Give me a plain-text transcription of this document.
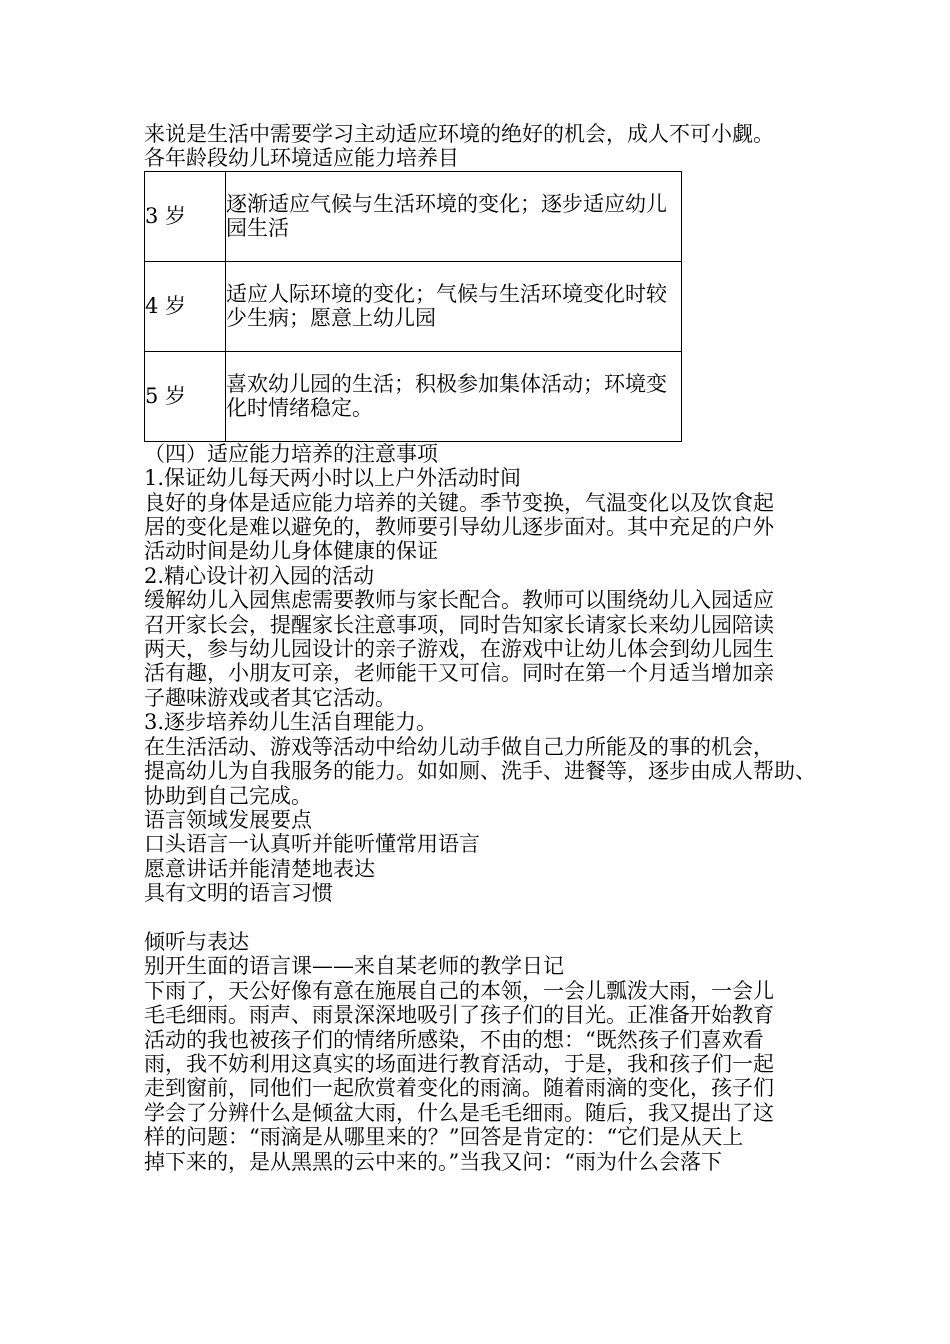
来说是生活中需要学习主动适应环境的绝好的机会，成人不可小觑。

各年龄段幼儿环境适应能力培养目

3 岁	逐渐适应气候与生活环境的变化；逐步适应幼儿园生活
4 岁	适应人际环境的变化；气候与生活环境变化时较少生病；愿意上幼儿园
5 岁	喜欢幼儿园的生活；积极参加集体活动；环境变化时情绪稳定。

（四）适应能力培养的注意事项

1.保证幼儿每天两小时以上户外活动时间

良好的身体是适应能力培养的关键。季节变换，气温变化以及饮食起

居的变化是难以避免的，教师要引导幼儿逐步面对。其中充足的户外

活动时间是幼儿身体健康的保证

2.精心设计初入园的活动

缓解幼儿入园焦虑需要教师与家长配合。教师可以围绕幼儿入园适应

召开家长会，提醒家长注意事项，同时告知家长请家长来幼儿园陪读

两天，参与幼儿园设计的亲子游戏，在游戏中让幼儿体会到幼儿园生

活有趣，小朋友可亲，老师能干又可信。同时在第一个月适当增加亲

子趣味游戏或者其它活动。

3.逐步培养幼儿生活自理能力。

在生活活动、游戏等活动中给幼儿动手做自己力所能及的事的机会，

提高幼儿为自我服务的能力。如如厕、洗手、进餐等，逐步由成人帮助、

协助到自己完成。

语言领域发展要点

口头语言一认真听并能听懂常用语言

愿意讲话并能清楚地表达

具有文明的语言习惯

倾听与表达

别开生面的语言课——来自某老师的教学日记

下雨了，天公好像有意在施展自己的本领，一会儿瓢泼大雨，一会儿

毛毛细雨。雨声、雨景深深地吸引了孩子们的目光。正准备开始教育

活动的我也被孩子们的情绪所感染，不由的想：“既然孩子们喜欢看

雨，我不妨利用这真实的场面进行教育活动，于是，我和孩子们一起

走到窗前，同他们一起欣赏着变化的雨滴。随着雨滴的变化，孩子们

学会了分辨什么是倾盆大雨，什么是毛毛细雨。随后，我又提出了这

样的问题：“雨滴是从哪里来的？”回答是肯定的：“它们是从天上

掉下来的，是从黑黑的云中来的。”当我又问：“雨为什么会落下
